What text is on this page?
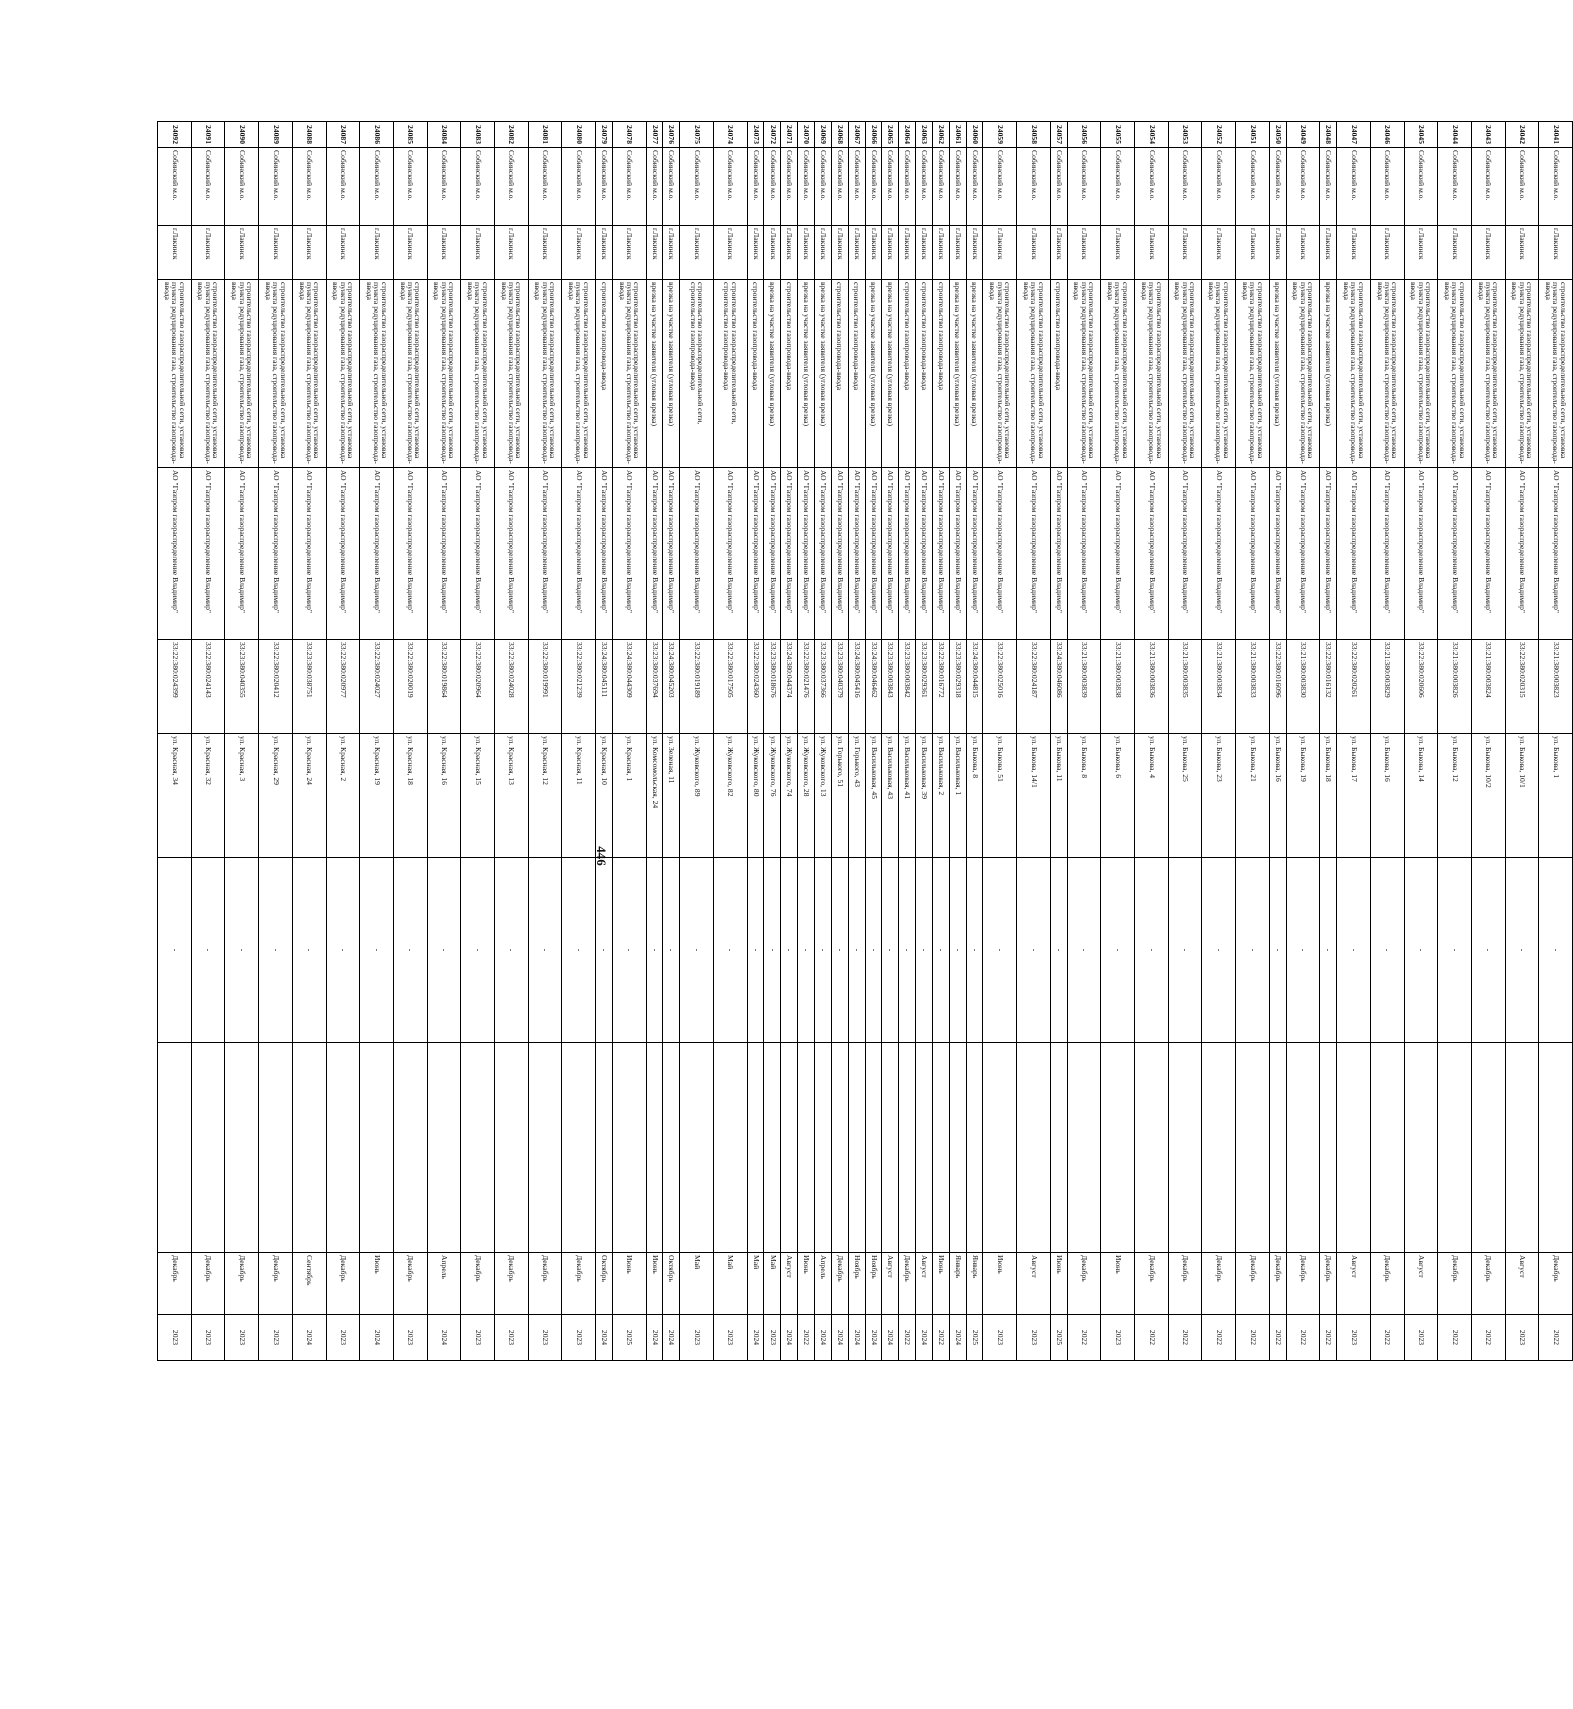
446
24041	Собинский м.о.	г.Лакинск	строительство газораспределительной сети, установка пункта редуцирования газа, строительство газопровода-ввода	АО "Газпром газораспределение Владимир"	33:21:380:003823	ул. Быкова, 1	-		Декабрь	2022
24042	Собинский м.о.	г.Лакинск	строительство газораспределительной сети, установка пункта редуцирования газа, строительство газопровода-ввода	АО "Газпром газораспределение Владимир"	33:22:380:020315	ул. Быкова, 10/1	-		Август	2023
24043	Собинский м.о.	г.Лакинск	строительство газораспределительной сети, установка пункта редуцирования газа, строительство газопровода-ввода	АО "Газпром газораспределение Владимир"	33:21:380:003824	ул. Быкова, 10/2	-		Декабрь	2022
24044	Собинский м.о.	г.Лакинск	строительство газораспределительной сети, установка пункта редуцирования газа, строительство газопровода-ввода	АО "Газпром газораспределение Владимир"	33:21:380:003826	ул. Быкова, 12	-		Декабрь	2022
24045	Собинский м.о.	г.Лакинск	строительство газораспределительной сети, установка пункта редуцирования газа, строительство газопровода-ввода	АО "Газпром газораспределение Владимир"	33:22:380:020606	ул. Быкова, 14	-		Август	2023
24046	Собинский м.о.	г.Лакинск	строительство газораспределительной сети, установка пункта редуцирования газа, строительство газопровода-ввода	АО "Газпром газораспределение Владимир"	33:21:380:003829	ул. Быкова, 16	-		Декабрь	2022
24047	Собинский м.о.	г.Лакинск	строительство газораспределительной сети, установка пункта редуцирования газа, строительство газопровода-ввода	АО "Газпром газораспределение Владимир"	33:22:380:020261	ул. Быкова, 17	-		Август	2023
24048	Собинский м.о.	г.Лакинск	врезка на участке заявителя (угловая врезка)	АО "Газпром газораспределение Владимир"	33:22:380:016132	ул. Быкова, 18	-		Декабрь	2022
24049	Собинский м.о.	г.Лакинск	строительство газораспределительной сети, установка пункта редуцирования газа, строительство газопровода-ввода	АО "Газпром газораспределение Владимир"	33:21:380:003830	ул. Быкова, 19	-		Декабрь	2022
24050	Собинский м.о.	г.Лакинск	врезка на участке заявителя (угловая врезка)	АО "Газпром газораспределение Владимир"	33:22:380:016096	ул. Быкова, 16	-		Декабрь	2022
24051	Собинский м.о.	г.Лакинск	строительство газораспределительной сети, установка пункта редуцирования газа, строительство газопровода-ввода	АО "Газпром газораспределение Владимир"	33:21:380:003833	ул. Быкова, 21	-		Декабрь	2022
24052	Собинский м.о.	г.Лакинск	строительство газораспределительной сети, установка пункта редуцирования газа, строительство газопровода-ввода	АО "Газпром газораспределение Владимир"	33:21:380:003834	ул. Быкова, 23	-		Декабрь	2022
24053	Собинский м.о.	г.Лакинск	строительство газораспределительной сети, установка пункта редуцирования газа, строительство газопровода-ввода	АО "Газпром газораспределение Владимир"	33:21:380:003835	ул. Быкова, 25	-		Декабрь	2022
24054	Собинский м.о.	г.Лакинск	строительство газораспределительной сети, установка пункта редуцирования газа, строительство газопровода-ввода	АО "Газпром газораспределение Владимир"	33:21:380:003836	ул. Быкова, 4	-		Декабрь	2022
24055	Собинский м.о.	г.Лакинск	строительство газораспределительной сети, установка пункта редуцирования газа, строительство газопровода-ввода	АО "Газпром газораспределение Владимир"	33:21:380:003838	ул. Быкова, 6	-		Июнь	2023
24056	Собинский м.о.	г.Лакинск	строительство газораспределительной сети, установка пункта редуцирования газа, строительство газопровода-ввода	АО "Газпром газораспределение Владимир"	33:21:380:003839	ул. Быкова, 8	-		Декабрь	2022
24057	Собинский м.о.	г.Лакинск	строительство газопровода-ввода	АО "Газпром газораспределение Владимир"	33:24:380:046086	ул. Быкова, 11	-		Июнь	2025
24058	Собинский м.о.	г.Лакинск	строительство газораспределительной сети, установка пункта редуцирования газа, строительство газопровода-ввода	АО "Газпром газораспределение Владимир"	33:22:380:024187	ул. Быкова, 14/1	-		Август	2023
24059	Собинский м.о.	г.Лакинск	строительство газораспределительной сети, установка пункта редуцирования газа, строительство газопровода-ввода	АО "Газпром газораспределение Владимир"	33:22:380:025016	ул. Быкова, 51	-		Июнь	2023
24060	Собинский м.о.	г.Лакинск	врезка на участке заявителя (угловая врезка)	АО "Газпром газораспределение Владимир"	33:24:380:044815	ул. Быкова, 8	-		Январь	2025
24061	Собинский м.о.	г.Лакинск	врезка на участке заявителя (угловая врезка)	АО "Газпром газораспределение Владимир"	33:23:380:029318	ул. Васильковая, 1	-		Январь	2024
24062	Собинский м.о.	г.Лакинск	строительство газопровода-ввода	АО "Газпром газораспределение Владимир"	33:22:380:016772	ул. Васильковая, 2	-		Июнь	2022
24063	Собинский м.о.	г.Лакинск	строительство газопровода-ввода	АО "Газпром газораспределение Владимир"	33:23:380:029361	ул. Васильковая, 39	-		Август	2024
24064	Собинский м.о.	г.Лакинск	строительство газопровода-ввода	АО "Газпром газораспределение Владимир"	33:23:380:003842	ул. Васильковая, 41	-		Декабрь	2022
24065	Собинский м.о.	г.Лакинск	врезка на участке заявителя (угловая врезка)	АО "Газпром газораспределение Владимир"	33:23:380:003843	ул. Васильковая, 43	-		Август	2024
24066	Собинский м.о.	г.Лакинск	врезка на участке заявителя (угловая врезка)	АО "Газпром газораспределение Владимир"	33:24:380:046462	ул. Васильковая, 45	-		Ноябрь	2024
24067	Собинский м.о.	г.Лакинск	строительство газопровода-ввода	АО "Газпром газораспределение Владимир"	33:24:380:045416	ул. Горького, 43	-		Ноябрь	2024
24068	Собинский м.о.	г.Лакинск	строительство газопровода-ввода	АО "Газпром газораспределение Владимир"	33:23:380:040379	ул. Горького, 51	-		Декабрь	2024
24069	Собинский м.о.	г.Лакинск	врезка на участке заявителя (угловая врезка)	АО "Газпром газораспределение Владимир"	33:23:380:037366	ул. Жуковского, 13	-		Апрель	2024
24070	Собинский м.о.	г.Лакинск	врезка на участке заявителя (угловая врезка)	АО "Газпром газораспределение Владимир"	33:22:380:021476	ул. Жуковского, 28	-		Июнь	2022
24071	Собинский м.о.	г.Лакинск	строительство газопровода-ввода	АО "Газпром газораспределение Владимир"	33:24:380:044374	ул. Жуковского, 74	-		Август	2024
24072	Собинский м.о.	г.Лакинск	врезка на участке заявителя (угловая врезка)	АО "Газпром газораспределение Владимир"	33:23:380:018676	ул. Жуковского, 76	-		Май	2023
24073	Собинский м.о.	г.Лакинск	строительство газопровода-ввода	АО "Газпром газораспределение Владимир"	33:22:380:024360	ул. Жуковского, 80	-		Май	2024
24074	Собинский м.о.	г.Лакинск	строительство газораспределительной сети, строительство газопровода-ввода	АО "Газпром газораспределение Владимир"	33:22:380:017505	ул. Жуковского, 82	-		Май	2023
24075	Собинский м.о.	г.Лакинск	строительство газораспределительной сети, строительство газопровода-ввода	АО "Газпром газораспределение Владимир"	33:22:380:019189	ул. Жуковского, 89	-		Май	2023
24076	Собинский м.о.	г.Лакинск	врезка на участке заявителя (угловая врезка)	АО "Газпром газораспределение Владимир"	33:24:380:045203	ул. Зеленая, 11	-		Октябрь	2024
24077	Собинский м.о.	г.Лакинск	врезка на участке заявителя (угловая врезка)	АО "Газпром газораспределение Владимир"	33:23:380:037694	ул. Комсомольская, 24	-		Июнь	2024
24078	Собинский м.о.	г.Лакинск	строительство газораспределительной сети, установка пункта редуцирования газа, строительство газопровода-ввода	АО "Газпром газораспределение Владимир"	33:24:380:044309	ул. Красная, 1	-		Июнь	2025
24079	Собинский м.о.	г.Лакинск	строительство газопровода-ввода	АО "Газпром газораспределение Владимир"	33:24:380:045111	ул. Красная, 10	-		Октябрь	2024
24080	Собинский м.о.	г.Лакинск	строительство газораспределительной сети, установка пункта редуцирования газа, строительство газопровода-ввода	АО "Газпром газораспределение Владимир"	33:22:380:021239	ул. Красная, 11	-		Декабрь	2023
24081	Собинский м.о.	г.Лакинск	строительство газораспределительной сети, установка пункта редуцирования газа, строительство газопровода-ввода	АО "Газпром газораспределение Владимир"	33:22:380:019991	ул. Красная, 12	-		Декабрь	2023
24082	Собинский м.о.	г.Лакинск	строительство газораспределительной сети, установка пункта редуцирования газа, строительство газопровода-ввода	АО "Газпром газораспределение Владимир"	33:22:380:024028	ул. Красная, 13	-		Декабрь	2023
24083	Собинский м.о.	г.Лакинск	строительство газораспределительной сети, установка пункта редуцирования газа, строительство газопровода-ввода	АО "Газпром газораспределение Владимир"	33:22:380:020964	ул. Красная, 15	-		Декабрь	2023
24084	Собинский м.о.	г.Лакинск	строительство газораспределительной сети, установка пункта редуцирования газа, строительство газопровода-ввода	АО "Газпром газораспределение Владимир"	33:22:380:019864	ул. Красная, 16	-		Апрель	2024
24085	Собинский м.о.	г.Лакинск	строительство газораспределительной сети, установка пункта редуцирования газа, строительство газопровода-ввода	АО "Газпром газораспределение Владимир"	33:22:380:020019	ул. Красная, 18	-		Декабрь	2023
24086	Собинский м.о.	г.Лакинск	строительство газораспределительной сети, установка пункта редуцирования газа, строительство газопровода-ввода	АО "Газпром газораспределение Владимир"	33:22:380:024027	ул. Красная, 19	-		Июнь	2024
24087	Собинский м.о.	г.Лакинск	строительство газораспределительной сети, установка пункта редуцирования газа, строительство газопровода-ввода	АО "Газпром газораспределение Владимир"	33:22:380:020977	ул. Красная, 2	-		Декабрь	2023
24088	Собинский м.о.	г.Лакинск	строительство газораспределительной сети, установка пункта редуцирования газа, строительство газопровода-ввода	АО "Газпром газораспределение Владимир"	33:23:380:038751	ул. Красная, 24	-		Сентябрь	2024
24089	Собинский м.о.	г.Лакинск	строительство газораспределительной сети, установка пункта редуцирования газа, строительство газопровода-ввода	АО "Газпром газораспределение Владимир"	33:22:380:020412	ул. Красная, 29	-		Декабрь	2023
24090	Собинский м.о.	г.Лакинск	строительство газораспределительной сети, установка пункта редуцирования газа, строительство газопровода-ввода	АО "Газпром газораспределение Владимир"	33:23:380:040355	ул. Красная, 3	-		Декабрь	2023
24091	Собинский м.о.	г.Лакинск	строительство газораспределительной сети, установка пункта редуцирования газа, строительство газопровода-ввода	АО "Газпром газораспределение Владимир"	33:22:380:024143	ул. Красная, 32	-		Декабрь	2023
24092	Собинский м.о.	г.Лакинск	строительство газораспределительной сети, установка пункта редуцирования газа, строительство газопровода-ввода	АО "Газпром газораспределение Владимир"	33:22:380:024399	ул. Красная, 34	-		Декабрь	2023
